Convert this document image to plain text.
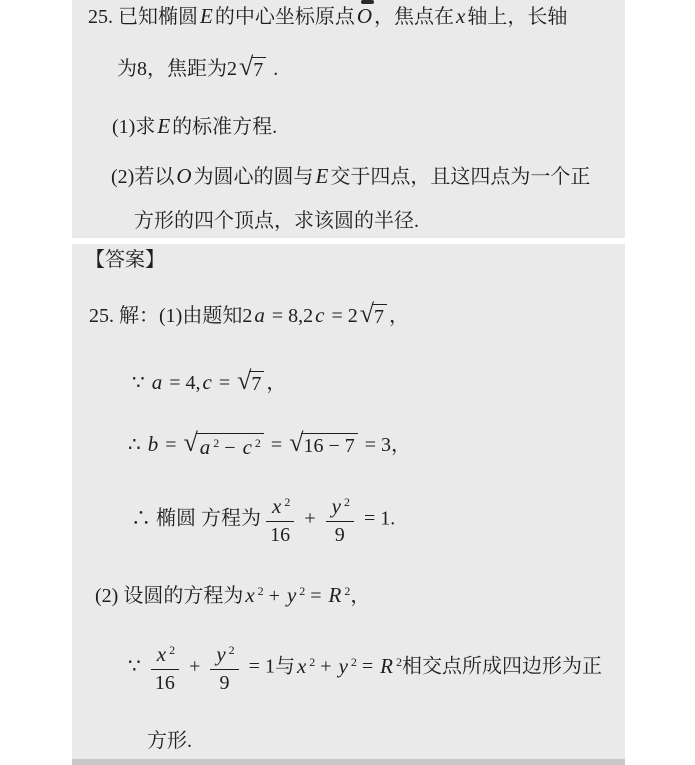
25. 已知椭圆E 的中心坐标原点O ，焦点在x 轴上，长轴
为8，焦距为2 √ 7 .
(1)求E 的标准方程.
(2)若以O 为圆心的圆与E 交于四点，且这四点为一个正
方形的四个顶点，求该圆的半径.
【答案】
25. 解：(1)由题知2a = 8,2c = 2 √ 7 ，
∵ a = 4,c = √ 7 ，
∴ b = √ a $^2$ − c $^2$ = √ 16 − 7 = 3，
∴ 椭圆 方程为 $\frac{x ^2}{16} + \frac{y ^2}{9} = 1$.
(2) 设圆的方程为x $^2$ + y $^2$ = R $^2$，
∵ $\frac{x ^2}{16} + \frac{y ^2}{9} = 1$与x $^2$ + y $^2$ = R $^2$相交点所成四边形为正
方形.
